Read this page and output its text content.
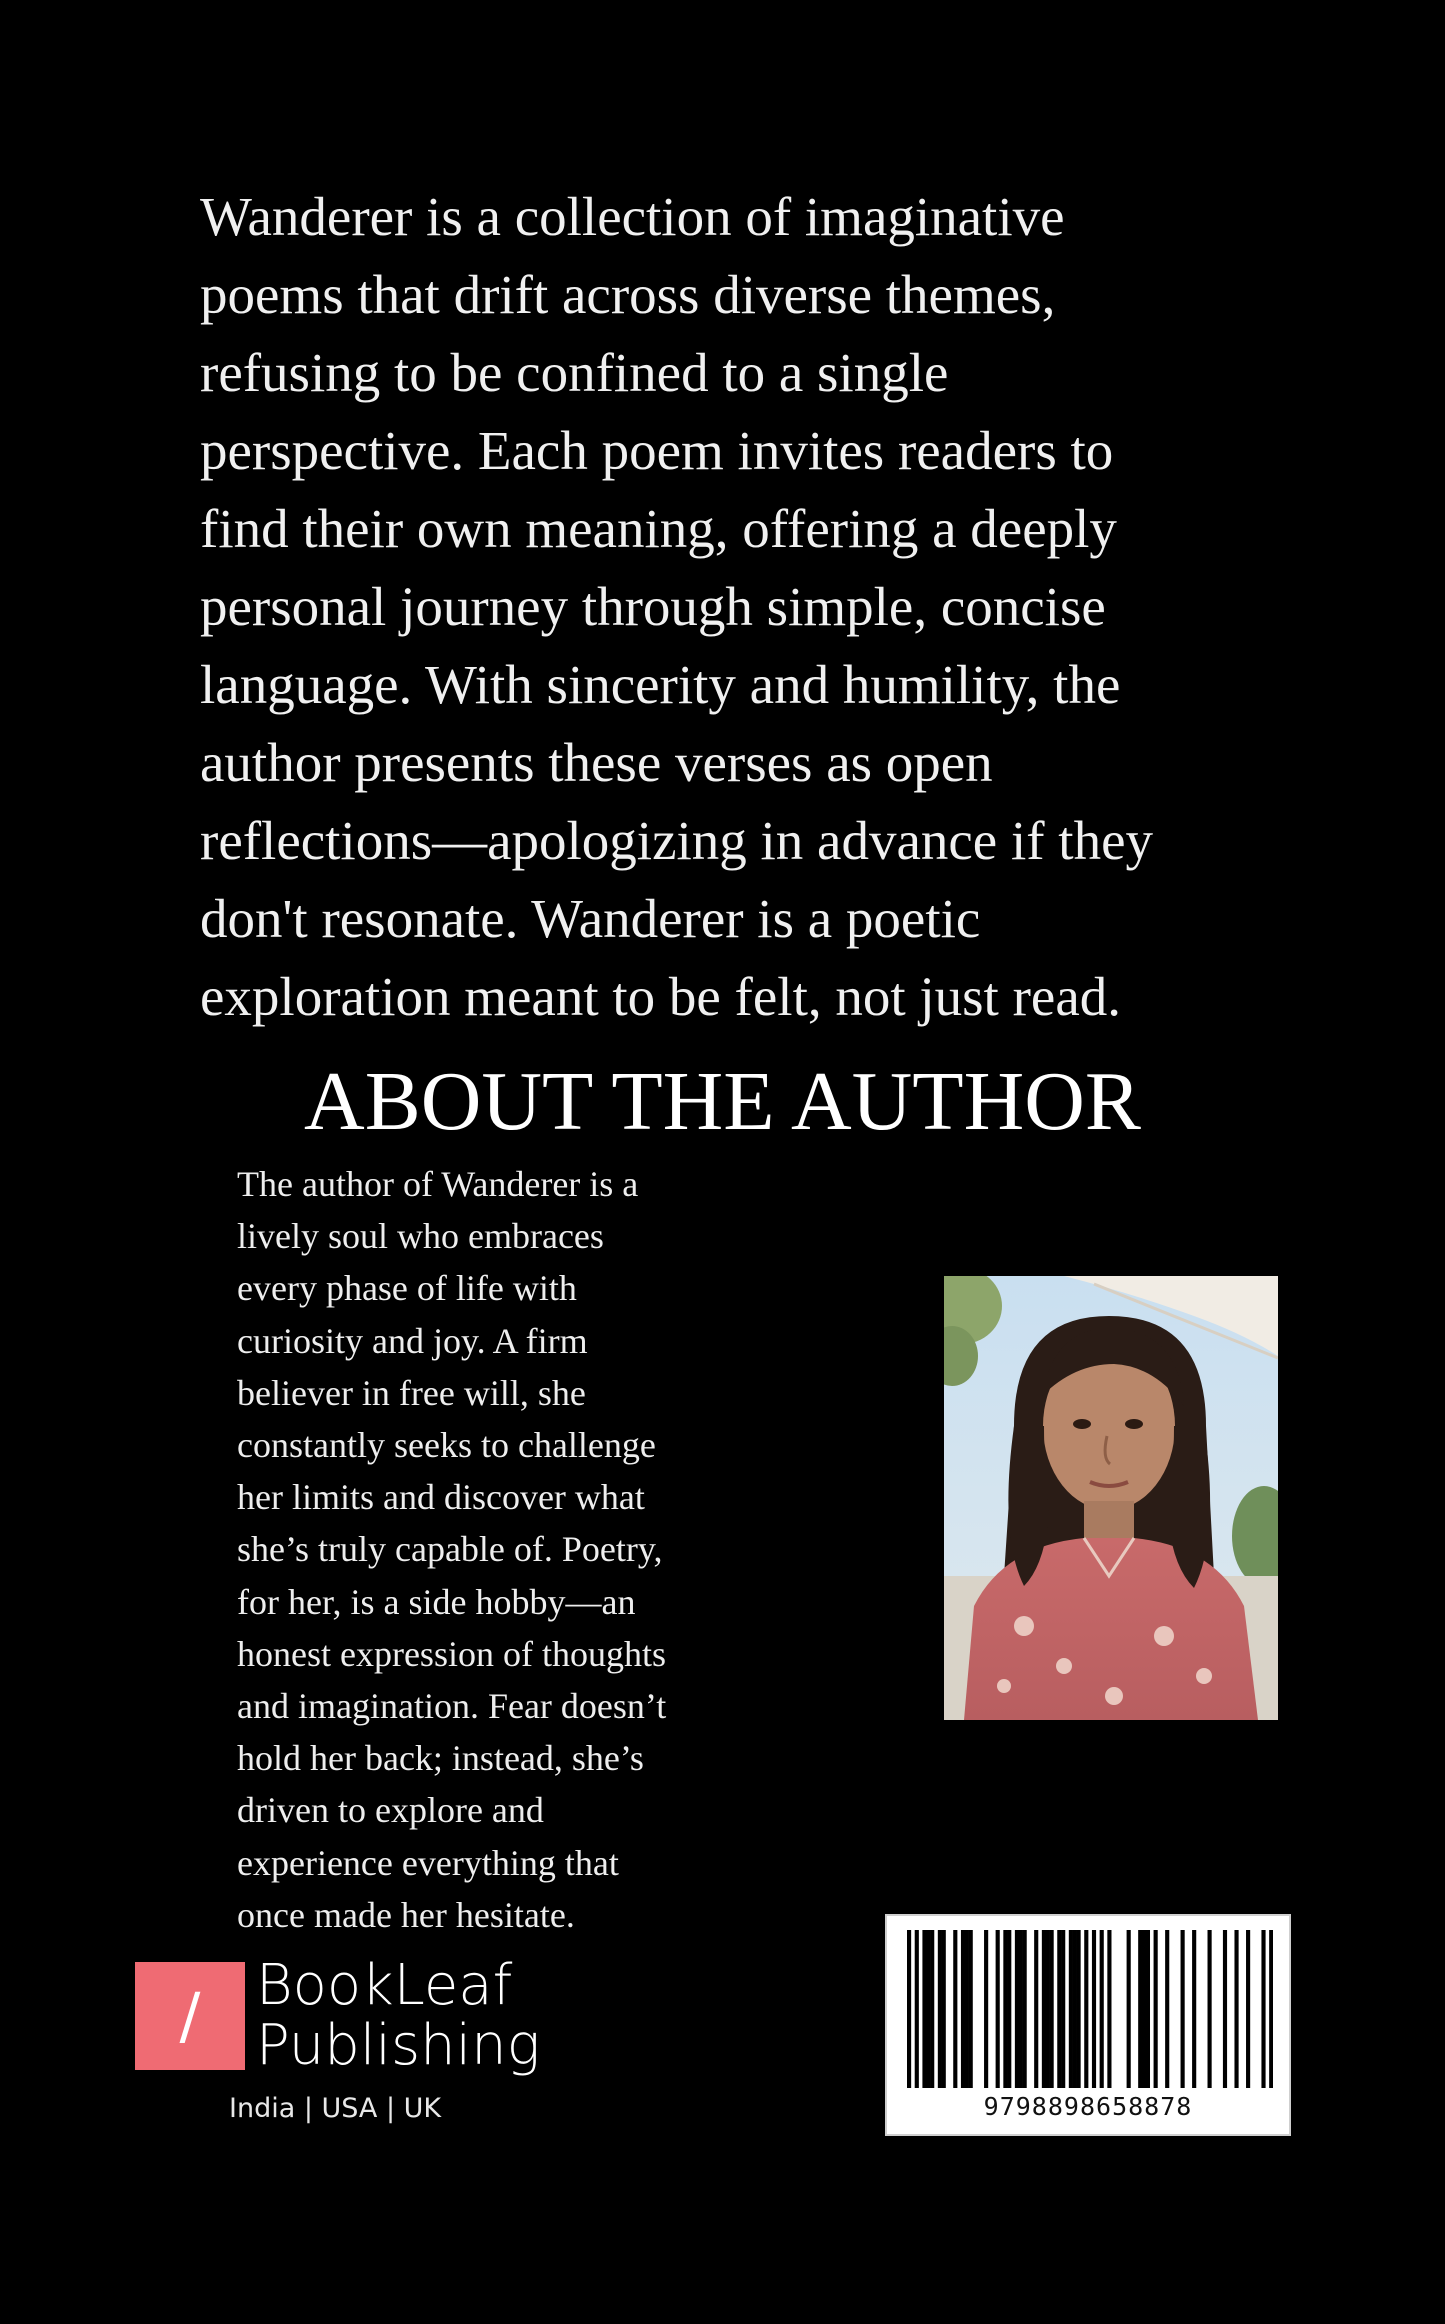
Wanderer is a collection of imaginative
poems that drift across diverse themes,
refusing to be confined to a single
perspective. Each poem invites readers to
find their own meaning, offering a deeply
personal journey through simple, concise
language. With sincerity and humility, the
author presents these verses as open
reflections—apologizing in advance if they
don't resonate. Wanderer is a poetic
exploration meant to be felt, not just read.
ABOUT THE AUTHOR
The author of Wanderer is a
lively soul who embraces
every phase of life with
curiosity and joy. A firm
believer in free will, she
constantly seeks to challenge
her limits and discover what
she’s truly capable of. Poetry,
for her, is a side hobby—an
honest expression of thoughts
and imagination. Fear doesn’t
hold her back; instead, she’s
driven to explore and
experience everything that
once made her hesitate.
/ BookLeaf
Publishing
India | USA | UK	9798898658878
